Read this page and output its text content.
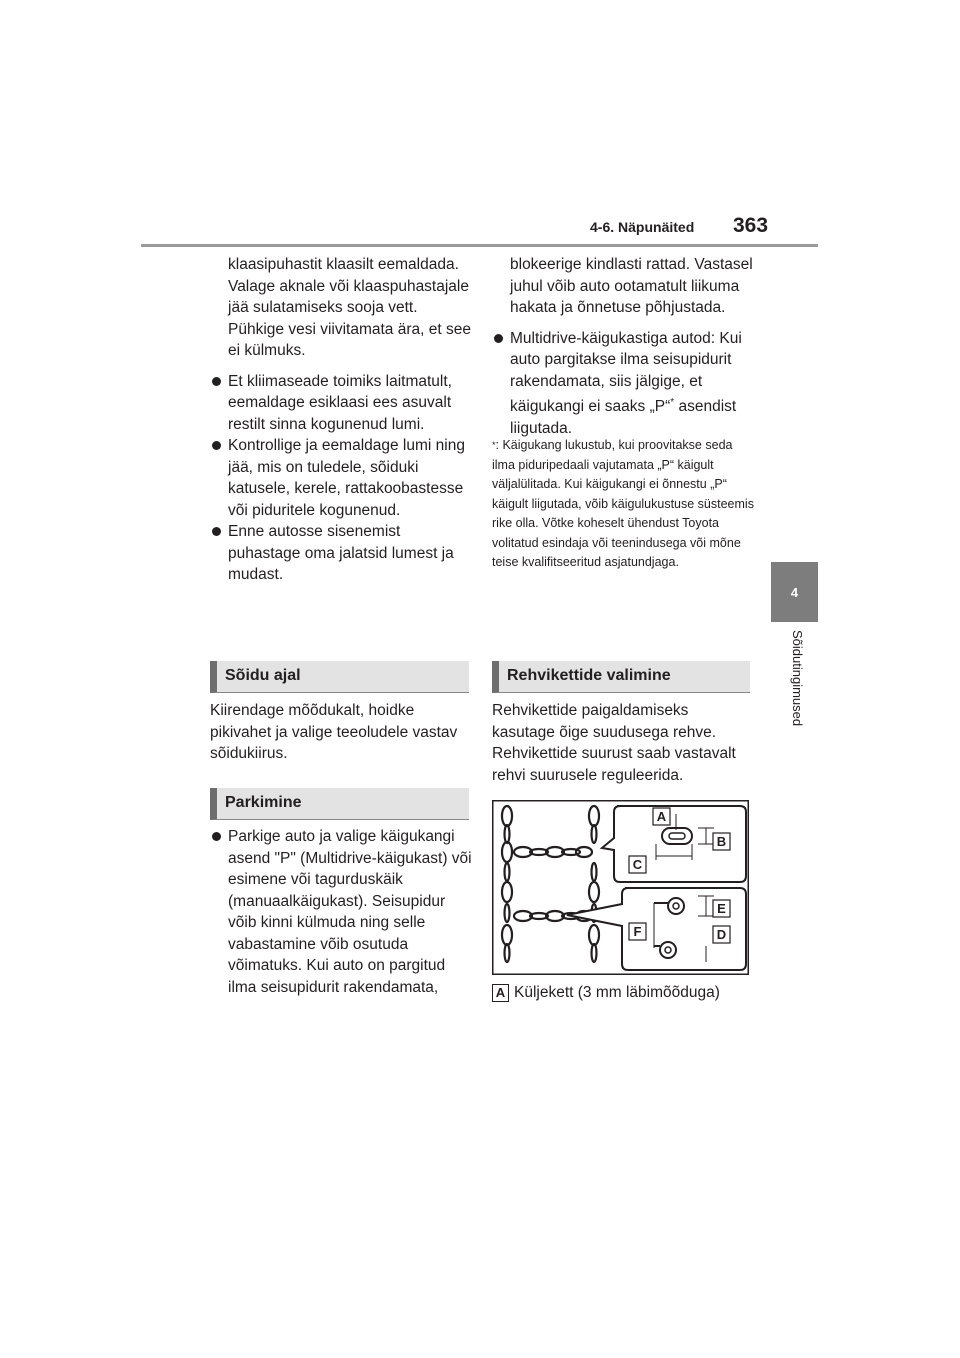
4-6. Näpunäited 363
4
Sõidutingimused

klaasipuhastit klaasilt eemaldada. Valage aknale või klaaspuhastajale jää sulatamiseks sooja vett. Pühkige vesi viivitamata ära, et see ei külmuks.

Et kliimaseade toimiks laitmatult, eemaldage esiklaasi ees asuvalt restilt sinna kogunenud lumi.

Kontrollige ja eemaldage lumi ning jää, mis on tuledele, sõiduki katusele, kerele, rattakoobastesse või piduritele kogunenud.

Enne autosse sisenemist puhastage oma jalatsid lumest ja mudast.

Sõidu ajal

Kiirendage mõõdukalt, hoidke pikivahet ja valige teeoludele vastav sõidukiirus.

Parkimine

Parkige auto ja valige käigukangi asend "P" (Multidrive-käigukast) või esimene või tagurduskäik (manuaalkäigukast). Seisupidur võib kinni külmuda ning selle vabastamine võib osutuda võimatuks. Kui auto on pargitud ilma seisupidurit rakendamata,

blokeerige kindlasti rattad. Vastasel juhul võib auto ootamatult liikuma hakata ja õnnetuse põhjustada.

Multidrive-käigukastiga autod: Kui auto pargitakse ilma seisupidurit rakendamata, siis jälgige, et käigukangi ei saaks „P“* asendist liigutada.

*: Käigukang lukustub, kui proovitakse seda ilma piduripedaali vajutamata „P“ käigult väljalülitada. Kui käigukangi ei õnnestu „P“ käigult liigutada, võib käigulukustuse süsteemis rike olla. Võtke koheselt ühendust Toyota volitatud esindaja või teenindusega või mõne teise kvalifitseeritud asjatundjaga.

Rehvikettide valimine

Rehvikettide paigaldamiseks kasutage õige suudusega rehve. Rehvikettide suurust saab vastavalt rehvi suurusele reguleerida.

A
B
C
E
F	D
A Küljekett (3 mm läbimõõduga)
